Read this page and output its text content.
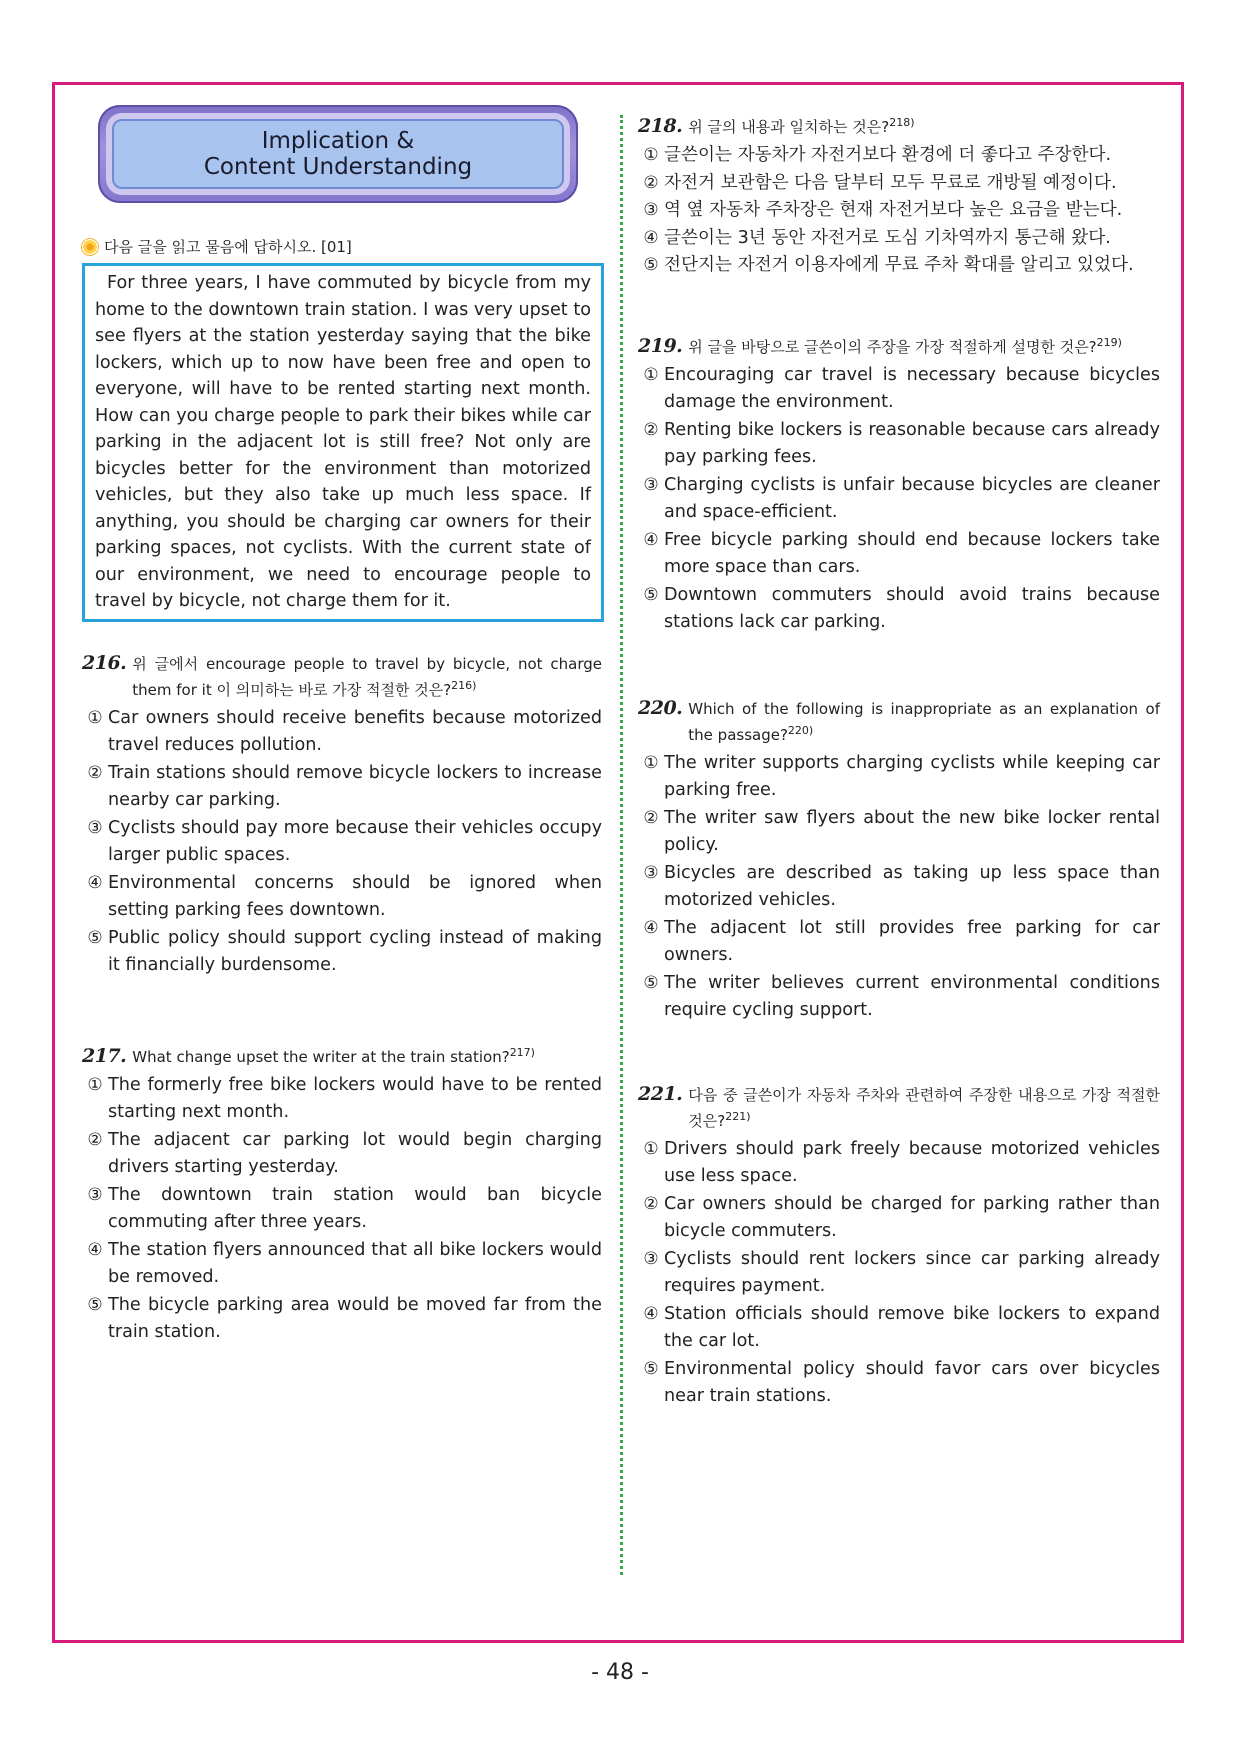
Implication &
Content Understanding
다음 글을 읽고 물음에 답하시오. [01]
For three years, I have commuted by bicycle from my home to the downtown train station. I was very upset to see flyers at the station yesterday saying that the bike lockers, which up to now have been free and open to everyone, will have to be rented starting next month. How can you charge people to park their bikes while car parking in the adjacent lot is still free? Not only are bicycles better for the environment than motorized vehicles, but they also take up much less space. If anything, you should be charging car owners for their parking spaces, not cyclists. With the current state of our environment, we need to encourage people to travel by bicycle, not charge them for it.
216. 위 글에서 encourage people to travel by bicycle, not charge them for it 이 의미하는 바로 가장 적절한 것은?$^{216)}$
① Car owners should receive benefits because motorized travel reduces pollution.
② Train stations should remove bicycle lockers to increase nearby car parking.
③ Cyclists should pay more because their vehicles occupy larger public spaces.
④ Environmental concerns should be ignored when setting parking fees downtown.
⑤ Public policy should support cycling instead of making it financially burdensome.
217. What change upset the writer at the train station?$^{217)}$
① The formerly free bike lockers would have to be rented starting next month.
② The adjacent car parking lot would begin charging drivers starting yesterday.
③ The downtown train station would ban bicycle commuting after three years.
④ The station flyers announced that all bike lockers would be removed.
⑤ The bicycle parking area would be moved far from the train station.
218. 위 글의 내용과 일치하는 것은?$^{218)}$
① 글쓴이는 자동차가 자전거보다 환경에 더 좋다고 주장한다.
② 자전거 보관함은 다음 달부터 모두 무료로 개방될 예정이다.
③ 역 옆 자동차 주차장은 현재 자전거보다 높은 요금을 받는다.
④ 글쓴이는 3년 동안 자전거로 도심 기차역까지 통근해 왔다.
⑤ 전단지는 자전거 이용자에게 무료 주차 확대를 알리고 있었다.
219. 위 글을 바탕으로 글쓴이의 주장을 가장 적절하게 설명한 것은?$^{219)}$
① Encouraging car travel is necessary because bicycles damage the environment.
② Renting bike lockers is reasonable because cars already pay parking fees.
③ Charging cyclists is unfair because bicycles are cleaner and space-efficient.
④ Free bicycle parking should end because lockers take more space than cars.
⑤ Downtown commuters should avoid trains because stations lack car parking.
220. Which of the following is inappropriate as an explanation of the passage?$^{220)}$
① The writer supports charging cyclists while keeping car parking free.
② The writer saw flyers about the new bike locker rental policy.
③ Bicycles are described as taking up less space than motorized vehicles.
④ The adjacent lot still provides free parking for car owners.
⑤ The writer believes current environmental conditions require cycling support.
221. 다음 중 글쓴이가 자동차 주차와 관련하여 주장한 내용으로 가장 적절한 것은?$^{221)}$
① Drivers should park freely because motorized vehicles use less space.
② Car owners should be charged for parking rather than bicycle commuters.
③ Cyclists should rent lockers since car parking already requires payment.
④ Station officials should remove bike lockers to expand the car lot.
⑤ Environmental policy should favor cars over bicycles near train stations.
- 48 -
